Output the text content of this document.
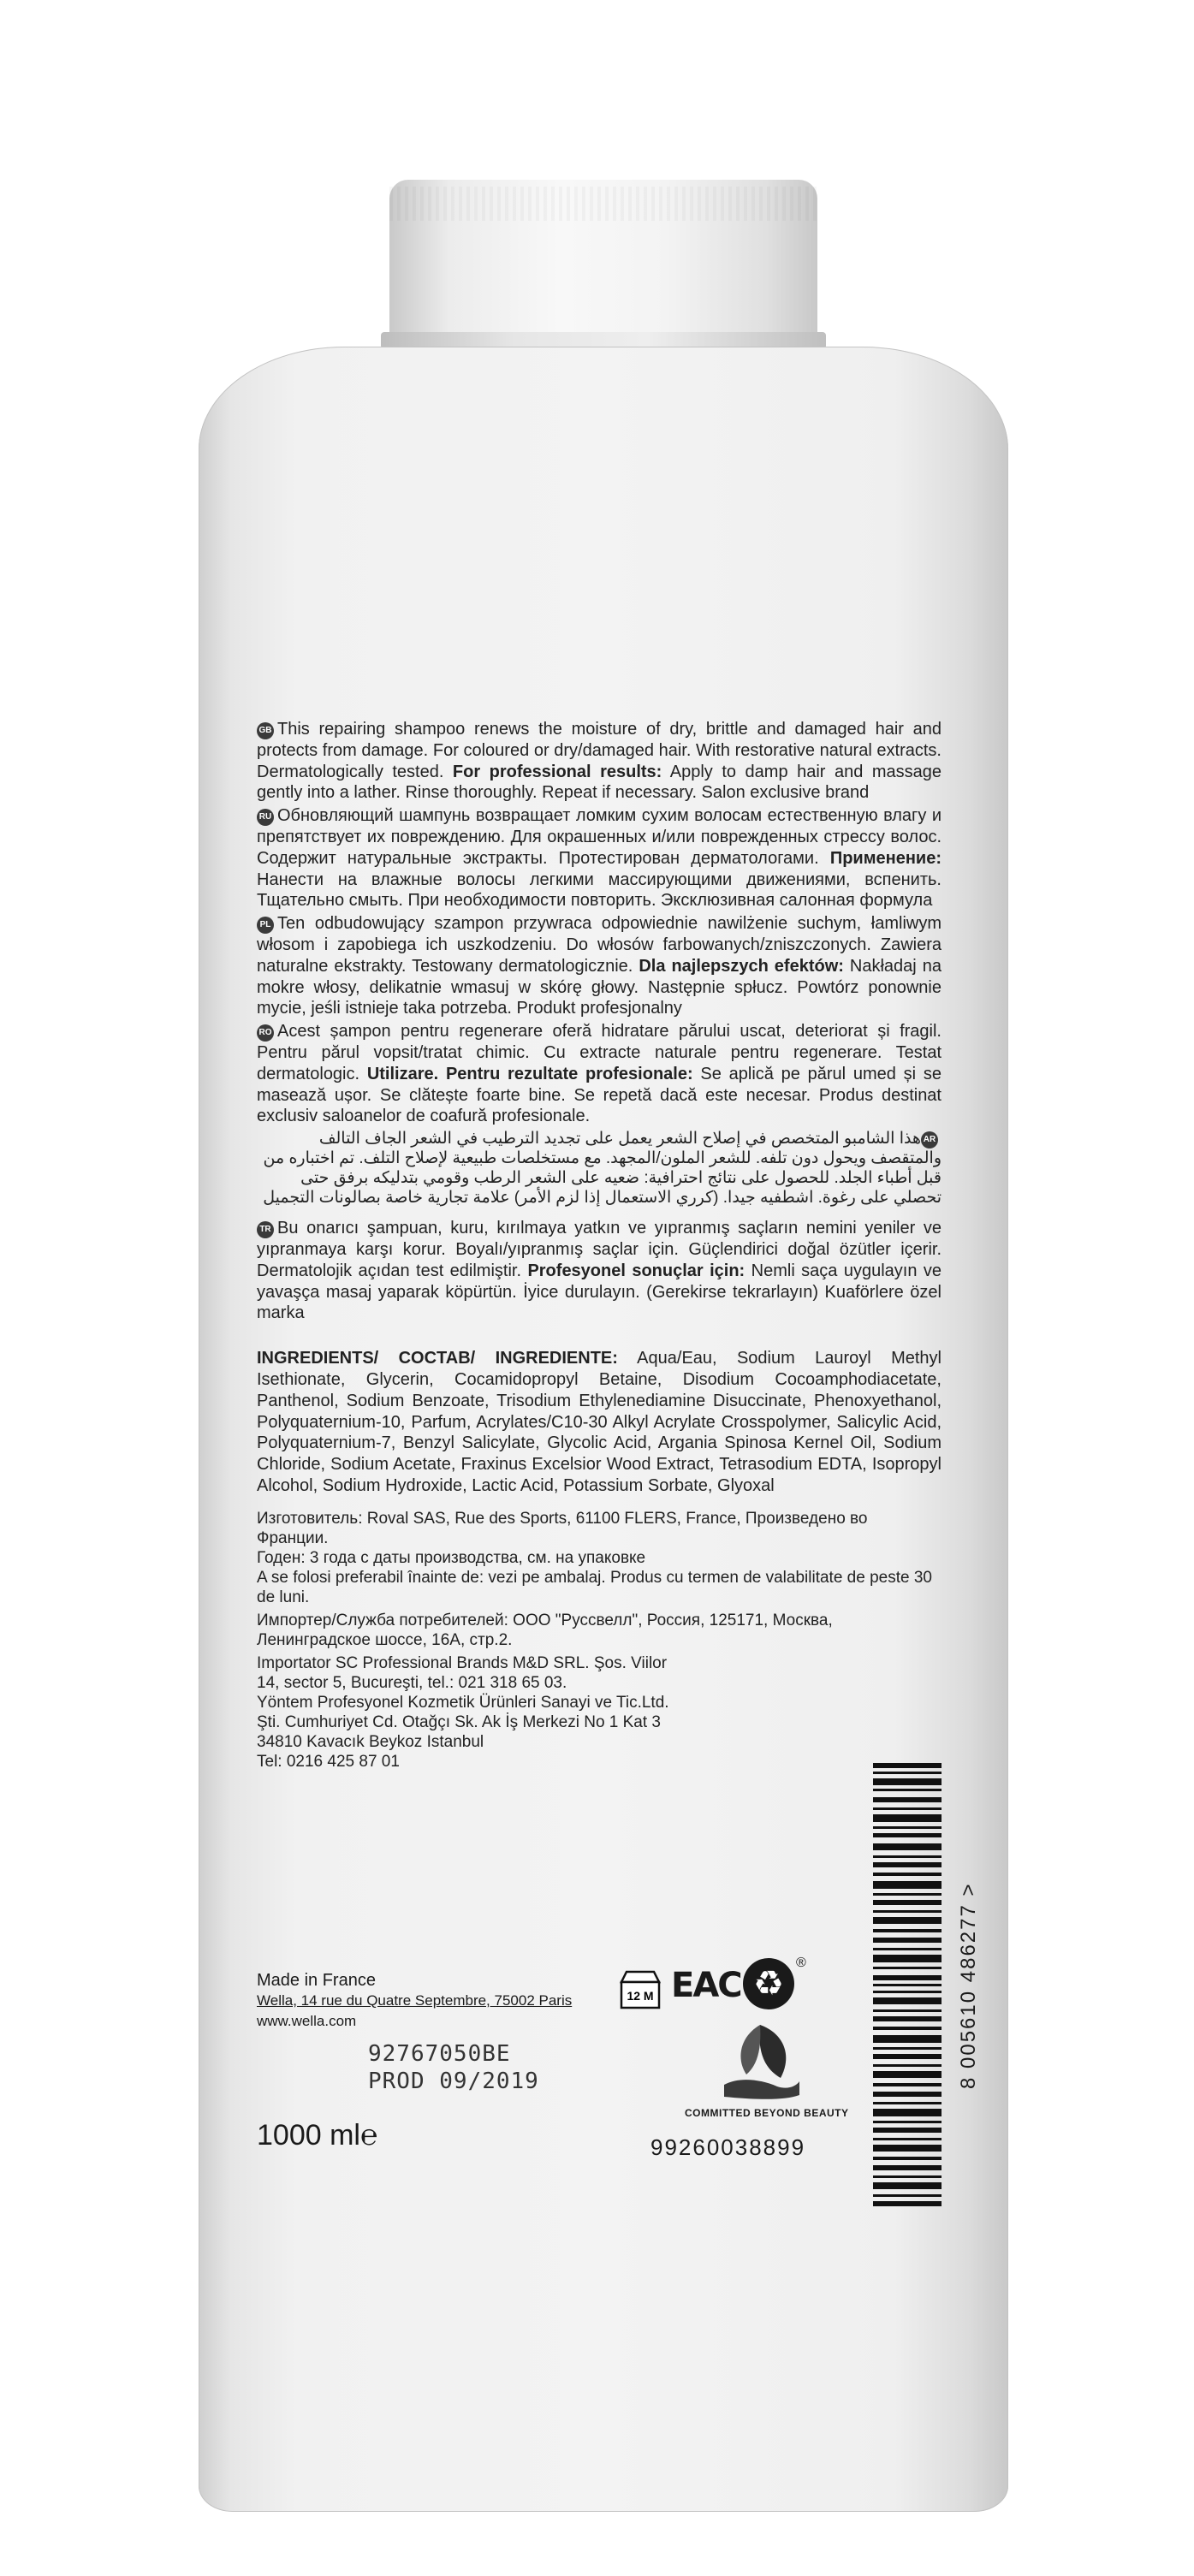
GB This repairing shampoo renews the moisture of dry, brittle and damaged hair and protects from damage. For coloured or dry/damaged hair. With restorative natural extracts. Dermatologically tested. For professional results: Apply to damp hair and massage gently into a lather. Rinse thoroughly. Repeat if necessary. Salon exclusive brand

RU Обновляющий шампунь возвращает ломким сухим волосам естественную влагу и препятствует их повреждению. Для окрашенных и/или поврежденных стрессу волос. Содержит натуральные экстракты. Протестирован дерматологами. Применение: Нанести на влажные волосы легкими массирующими движениями, вспенить. Тщательно смыть. При необходимости повторить. Эксклюзивная салонная формула

PL Ten odbudowujący szampon przywraca odpowiednie nawilżenie suchym, łamliwym włosom i zapobiega ich uszkodzeniu. Do włosów farbowanych/zniszczonych. Zawiera naturalne ekstrakty. Testowany dermatologicznie. Dla najlepszych efektów: Nakładaj na mokre włosy, delikatnie wmasuj w skórę głowy. Następnie spłucz. Powtórz ponownie mycie, jeśli istnieje taka potrzeba. Produkt profesjonalny

RO Acest șampon pentru regenerare oferă hidratare părului uscat, deteriorat și fragil. Pentru părul vopsit/tratat chimic. Cu extracte naturale pentru regenerare. Testat dermatologic. Utilizare. Pentru rezultate profesionale: Se aplică pe părul umed și se masează ușor. Se clătește foarte bine. Se repetă dacă este necesar. Produs destinat exclusiv saloanelor de coafură profesionale.

ARهذا الشامبو المتخصص في إصلاح الشعر يعمل على تجديد الترطيب في الشعر الجاف التالف والمتقصف ويحول دون تلفه. للشعر الملون/المجهد. مع مستخلصات طبيعية لإصلاح التلف. تم اختباره من قبل أطباء الجلد. للحصول على نتائج احترافية: ضعيه على الشعر الرطب وقومي بتدليكه برفق حتى تحصلي على رغوة. اشطفيه جيدا. (كرري الاستعمال إذا لزم الأمر) علامة تجارية خاصة بصالونات التجميل

TR Bu onarıcı şampuan, kuru, kırılmaya yatkın ve yıpranmış saçların nemini yeniler ve yıpranmaya karşı korur. Boyalı/yıpranmış saçlar için. Güçlendirici doğal özütler içerir. Dermatolojik açıdan test edilmiştir. Profesyonel sonuçlar için: Nemli saça uygulayın ve yavaşça masaj yaparak köpürtün. İyice durulayın. (Gerekirse tekrarlayın) Kuaförlere özel marka

INGREDIENTS/ COCTAB/ INGREDIENTE: Aqua/Eau, Sodium Lauroyl Methyl Isethionate, Glycerin, Cocamidopropyl Betaine, Disodium Cocoamphodiacetate, Panthenol, Sodium Benzoate, Trisodium Ethylenediamine Disuccinate, Phenoxyethanol, Polyquaternium-10, Parfum, Acrylates/C10-30 Alkyl Acrylate Crosspolymer, Salicylic Acid, Polyquaternium-7, Benzyl Salicylate, Glycolic Acid, Argania Spinosa Kernel Oil, Sodium Chloride, Sodium Acetate, Fraxinus Excelsior Wood Extract, Tetrasodium EDTA, Isopropyl Alcohol, Sodium Hydroxide, Lactic Acid, Potassium Sorbate, Glyoxal

Изготовитель: Roval SAS, Rue des Sports, 61100 FLERS, France, Произведено во Франции.
Годен: 3 года с даты производства, см. на упаковке
A se folosi preferabil înainte de: vezi pe ambalaj. Produs cu termen de valabilitate de peste 30 de luni.
Импортер/Служба потребителей: ООО "Руссвелл", Россия, 125171, Москва, Ленинградское шоссе, 16А, стр.2.
Importator SC Professional Brands M&D SRL. Şos. Viilor
14, sector 5, Bucureşti, tel.: 021 318 65 03.
Yöntem Profesyonel Kozmetik Ürünleri Sanayi ve Tic.Ltd.
Şti. Cumhuriyet Cd. Otağçı Sk. Ak İş Merkezi No 1 Kat 3
34810 Kavacık Beykoz Istanbul
Tel: 0216 425 87 01
Made in France
Wella, 14 rue du Quatre Septembre, 75002 Paris
www.wella.com
92767050BE
PROD 09/2019
1000 ml℮
12 M EAC ♻
®
COMMITTED BEYOND BEAUTY
99260038899
8 005610 486277 >
